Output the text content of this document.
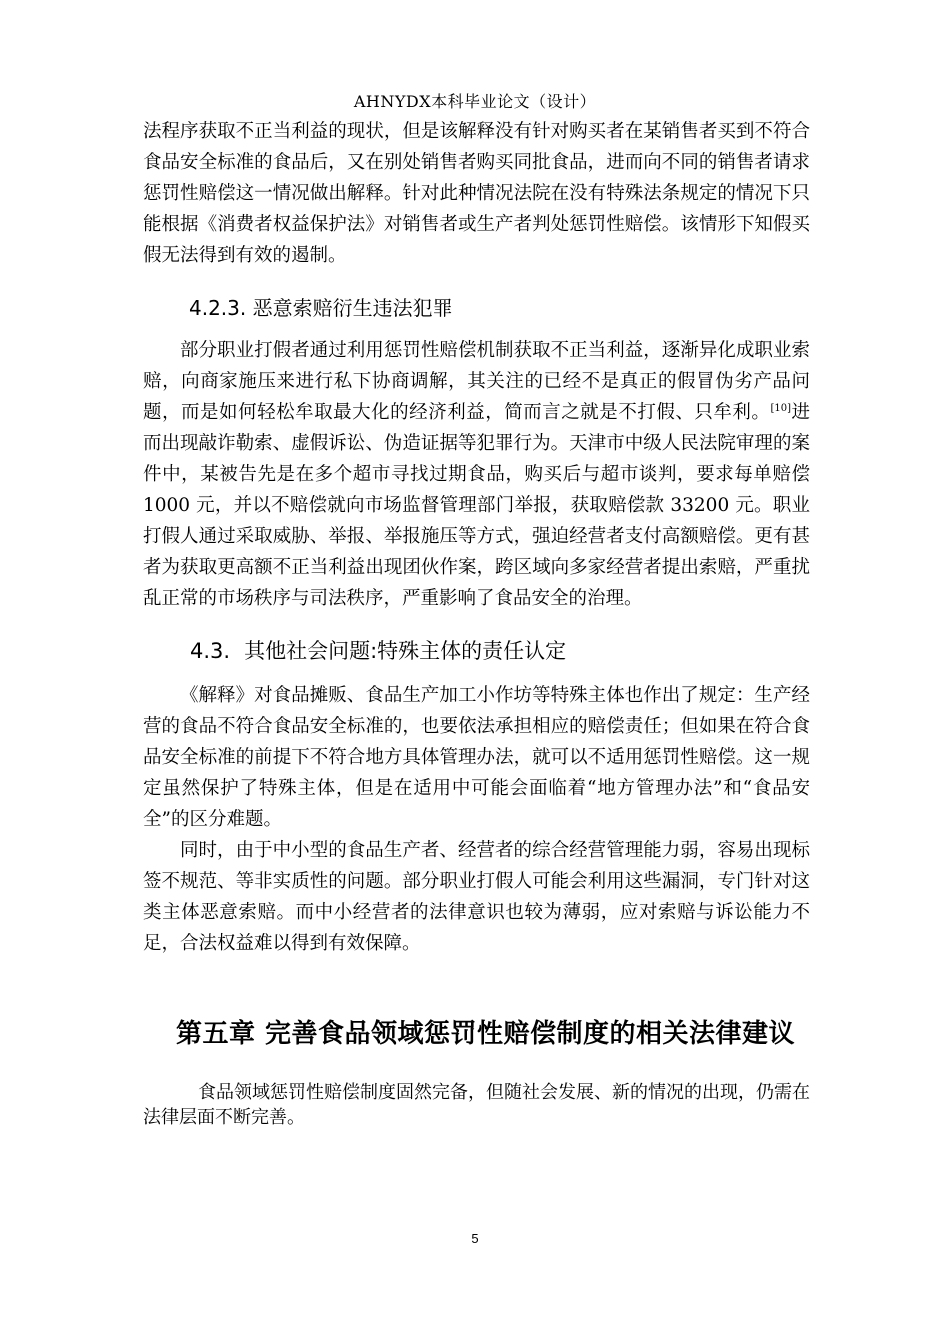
AHNYDX本科毕业论文（设计）

法程序获取不正当利益的现状，但是该解释没有针对购买者在某销售者买到不符合食品安全标准的食品后，又在别处销售者购买同批食品，进而向不同的销售者请求惩罚性赔偿这一情况做出解释。针对此种情况法院在没有特殊法条规定的情况下只能根据《消费者权益保护法》对销售者或生产者判处惩罚性赔偿。该情形下知假买假无法得到有效的遏制。

4.2.3. 恶意索赔衍生违法犯罪

部分职业打假者通过利用惩罚性赔偿机制获取不正当利益，逐渐异化成职业索赔，向商家施压来进行私下协商调解，其关注的已经不是真正的假冒伪劣产品问题，而是如何轻松牟取最大化的经济利益，简而言之就是不打假、只牟利。[10]进而出现敲诈勒索、虚假诉讼、伪造证据等犯罪行为。天津市中级人民法院审理的案件中，某被告先是在多个超市寻找过期食品，购买后与超市谈判，要求每单赔偿 1000 元，并以不赔偿就向市场监督管理部门举报，获取赔偿款 33200 元。职业打假人通过采取威胁、举报、举报施压等方式，强迫经营者支付高额赔偿。更有甚者为获取更高额不正当利益出现团伙作案，跨区域向多家经营者提出索赔，严重扰乱正常的市场秩序与司法秩序，严重影响了食品安全的治理。

4.3. 其他社会问题:特殊主体的责任认定

《解释》对食品摊贩、食品生产加工小作坊等特殊主体也作出了规定：生产经营的食品不符合食品安全标准的，也要依法承担相应的赔偿责任；但如果在符合食品安全标准的前提下不符合地方具体管理办法，就可以不适用惩罚性赔偿。这一规定虽然保护了特殊主体，但是在适用中可能会面临着“地方管理办法”和“食品安全”的区分难题。

同时，由于中小型的食品生产者、经营者的综合经营管理能力弱，容易出现标签不规范、等非实质性的问题。部分职业打假人可能会利用这些漏洞，专门针对这类主体恶意索赔。而中小经营者的法律意识也较为薄弱，应对索赔与诉讼能力不足，合法权益难以得到有效保障。

第五章 完善食品领域惩罚性赔偿制度的相关法律建议

食品领域惩罚性赔偿制度固然完备，但随社会发展、新的情况的出现，仍需在法律层面不断完善。

5
